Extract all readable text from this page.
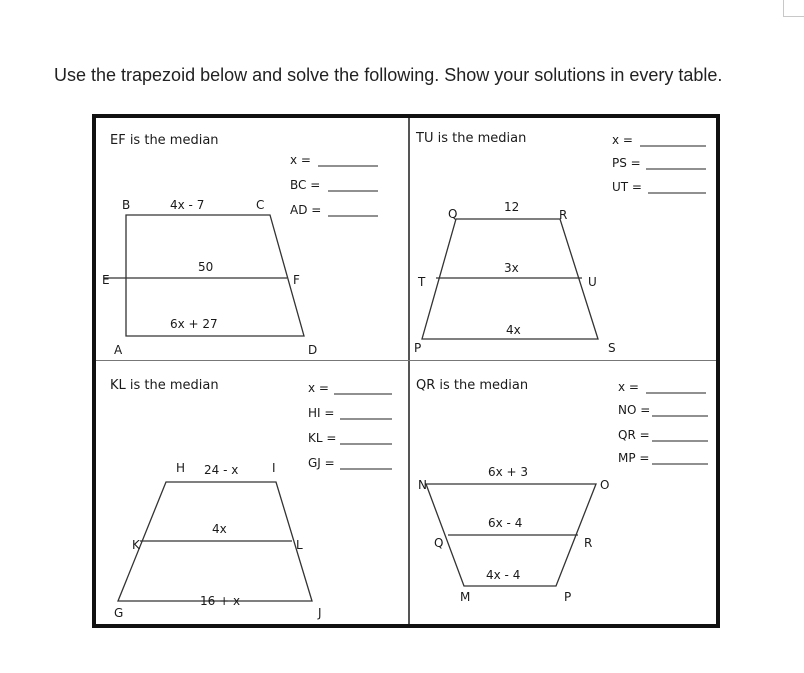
Use the trapezoid below and solve the following. Show your solutions in every table.

EF is the median
x =
BC =
AD =
B	C
E	F
A	D
4x - 7
50
6x + 27
TU is the median	x =
PS =
UT =
Q	R
T	U
P	S
12
3x
4x
KL is the median	x =
HI =
KL =
GJ =
H	I
K	L
G	J
24 - x
4x
16 + x
QR is the median	x =
NO =
QR =
MP =
N	O
Q	R
M	P
6x + 3
6x - 4
4x - 4
